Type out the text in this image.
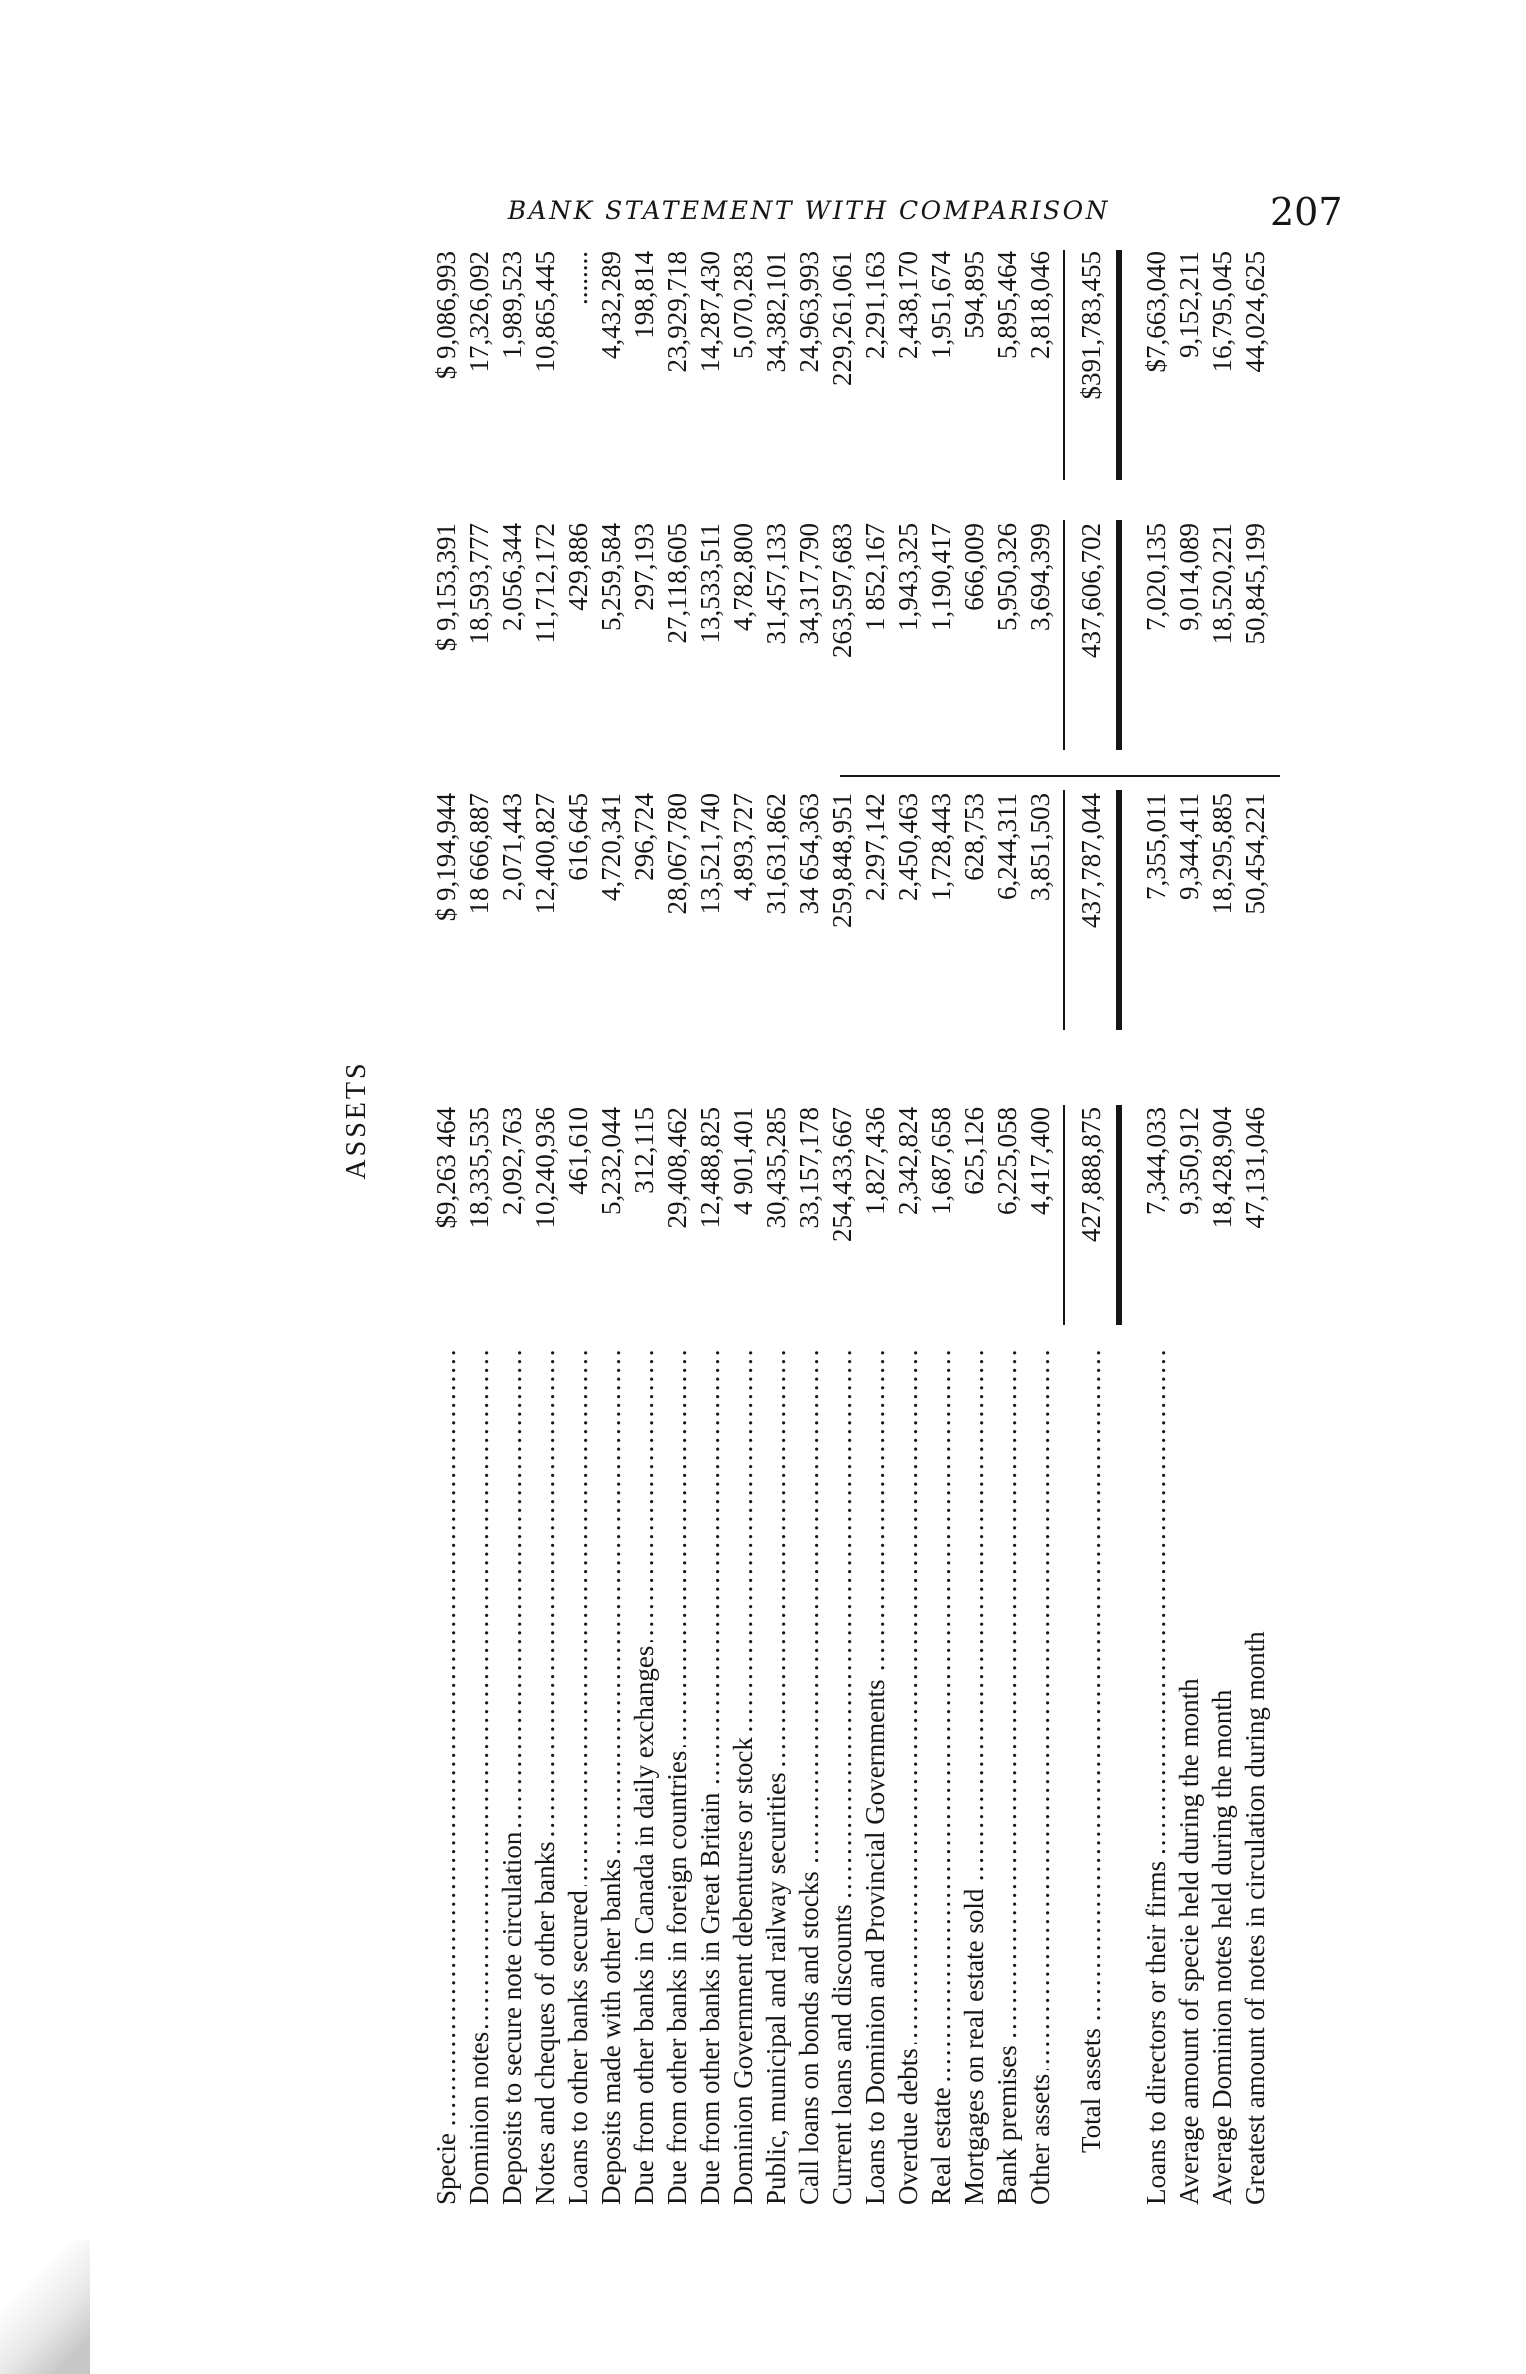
BANK STATEMENT WITH COMPARISON	207
ASSETS
Specie .....
$9,263 464
$ 9,194,944
$ 9,153,391
$ 9,086,993
Dominion notes .....
18,335,535
18 666,887
18,593,777
17,326,092
Deposits to secure note circulation .....
2,092,763
2,071,443
2,056,344
1,989,523
Notes and cheques of other banks .....
10,240,936
12,400,827
11,712,172
10,865,445
Loans to other banks secured .....
461,610
616,645
429,886
........
Deposits made with other banks .....
5,232,044
4,720,341
5,259,584
4,432,289
Due from other banks in Canada in daily exchanges .....
312,115
296,724
297,193
198,814
Due from other banks in foreign countries .....
29,408,462
28,067,780
27,118,605
23,929,718
Due from other banks in Great Britain .....
12,488,825
13,521,740
13,533,511
14,287,430
Dominion Government debentures or stock .....
4 901,401
4,893,727
4,782,800
5,070,283
Public, municipal and railway securities .....
30,435,285
31,631,862
31,457,133
34,382,101
Call loans on bonds and stocks .....
33,157,178
34 654,363
34,317,790
24,963,993
Current loans and discounts .....
254,433,667
259,848,951
263,597,683
229,261,061
Loans to Dominion and Provincial Governments .....
1,827,436
2,297,142
1 852,167
2,291,163
Overdue debts .....
2,342,824
2,450,463
1,943,325
2,438,170
Real estate .....
1,687,658
1,728,443
1,190,417
1,951,674
Mortgages on real estate sold .....
625,126
628,753
666,009
594,895
Bank premises .....
6,225,058
6,244,311
5,950,326
5,895,464
Other assets .....
4,417,400
3,851,503
3,694,399
2,818,046
Total assets .....
427,888,875
437,787,044
437,606,702
$391,783,455
Loans to directors or their firms .....
7,344,033
7,355,011
7,020,135
$7,663,040
Average amount of specie held during the month
9,350,912
9,344,411
9,014,089
9,152,211
Average Dominion notes held during the month
18,428,904
18,295,885
18,520,221
16,795,045
Greatest amount of notes in circulation during month
47,131,046
50,454,221
50,845,199
44,024,625
